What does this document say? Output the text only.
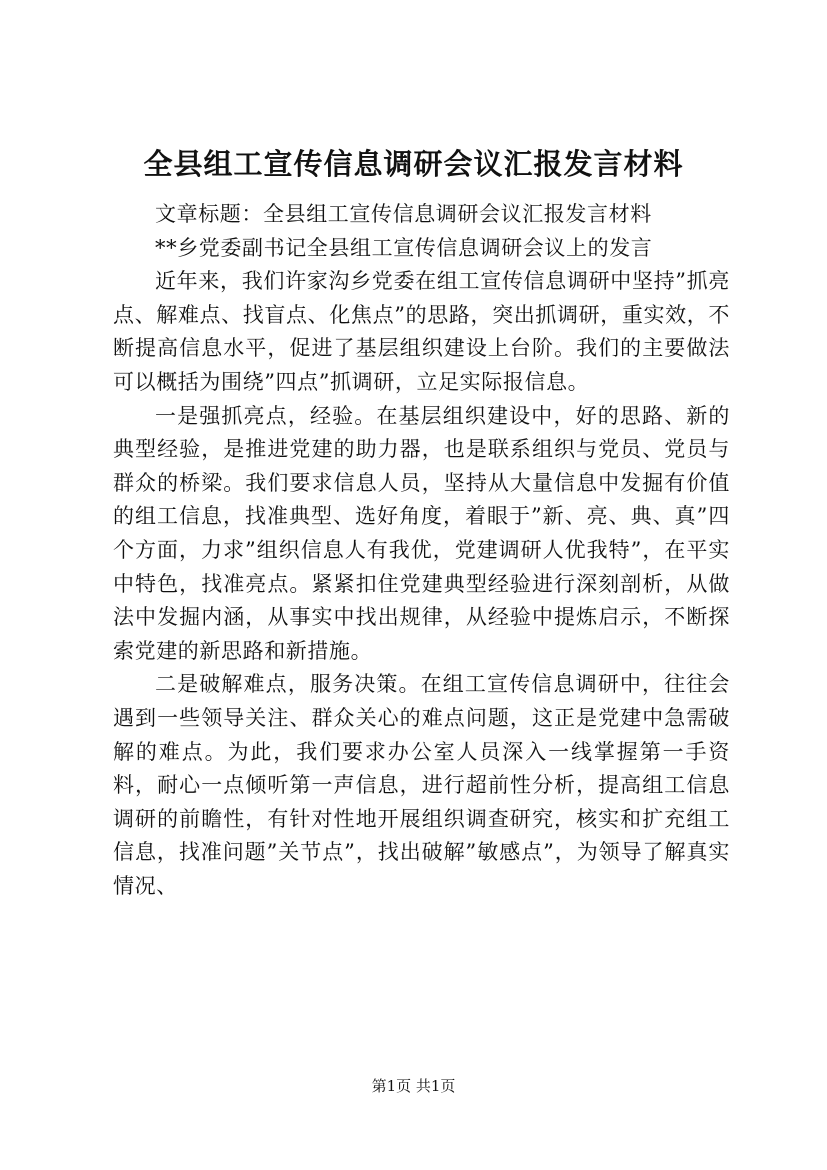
全县组工宣传信息调研会议汇报发言材料

文章标题：全县组工宣传信息调研会议汇报发言材料

**乡党委副书记全县组工宣传信息调研会议上的发言

近年来，我们许家沟乡党委在组工宣传信息调研中坚持”抓亮点、解难点、找盲点、化焦点”的思路，突出抓调研，重实效，不断提高信息水平，促进了基层组织建设上台阶。我们的主要做法可以概括为围绕”四点”抓调研，立足实际报信息。

一是强抓亮点，经验。在基层组织建设中，好的思路、新的典型经验，是推进党建的助力器，也是联系组织与党员、党员与群众的桥梁。我们要求信息人员，坚持从大量信息中发掘有价值的组工信息，找准典型、选好角度，着眼于”新、亮、典、真”四个方面，力求”组织信息人有我优，党建调研人优我特”，在平实中特色，找准亮点。紧紧扣住党建典型经验进行深刻剖析，从做法中发掘内涵，从事实中找出规律，从经验中提炼启示，不断探索党建的新思路和新措施。

二是破解难点，服务决策。在组工宣传信息调研中，往往会遇到一些领导关注、群众关心的难点问题，这正是党建中急需破解的难点。为此，我们要求办公室人员深入一线掌握第一手资料，耐心一点倾听第一声信息，进行超前性分析，提高组工信息调研的前瞻性，有针对性地开展组织调查研究，核实和扩充组工信息，找准问题”关节点”，找出破解”敏感点”，为领导了解真实情况、

第1页 共1页
